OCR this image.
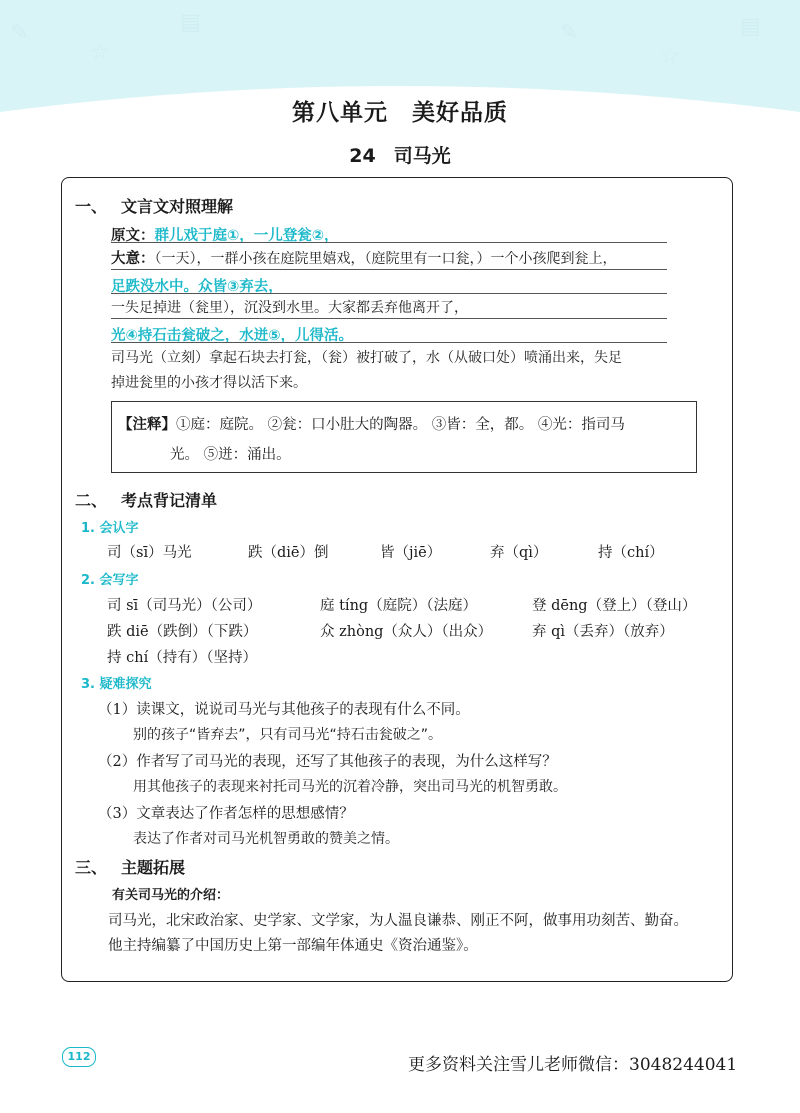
✎
☆
▤	✎
☆
▤
第八单元 美好品质
24 司马光
一、 文言文对照理解
原文：群儿戏于庭①，一儿登瓮②，
大意：（一天），一群小孩在庭院里嬉戏，（庭院里有一口瓮，）一个小孩爬到瓮上，
足跌没水中。众皆③弃去，
一失足掉进（瓮里），沉没到水里。大家都丢弃他离开了，
光④持石击瓮破之，水迸⑤，儿得活。
司马光（立刻）拿起石块去打瓮，（瓮）被打破了，水（从破口处）喷涌出来，失足
掉进瓮里的小孩才得以活下来。
【注释】①庭：庭院。 ②瓮：口小肚大的陶器。 ③皆：全，都。 ④光：指司马
光。 ⑤迸：涌出。
二、 考点背记清单
1. 会认字
司（sī）马光	跌（diē）倒	皆（jiē）	弃（qì）	持（chí）
2. 会写字
司 sī（司马光）（公司）	庭 tíng（庭院）（法庭）	登 dēng（登上）（登山）
跌 diē（跌倒）（下跌）	众 zhòng（众人）（出众）	弃 qì（丢弃）（放弃）
持 chí（持有）（坚持）
3. 疑难探究
（1）读课文，说说司马光与其他孩子的表现有什么不同。
别的孩子“皆弃去”，只有司马光“持石击瓮破之”。
（2）作者写了司马光的表现，还写了其他孩子的表现，为什么这样写？
用其他孩子的表现来衬托司马光的沉着冷静，突出司马光的机智勇敢。
（3）文章表达了作者怎样的思想感情？
表达了作者对司马光机智勇敢的赞美之情。
三、 主题拓展
有关司马光的介绍：
司马光，北宋政治家、史学家、文学家，为人温良谦恭、刚正不阿，做事用功刻苦、勤奋。
他主持编纂了中国历史上第一部编年体通史《资治通鉴》。
112	更多资料关注雪儿老师微信：3048244041
